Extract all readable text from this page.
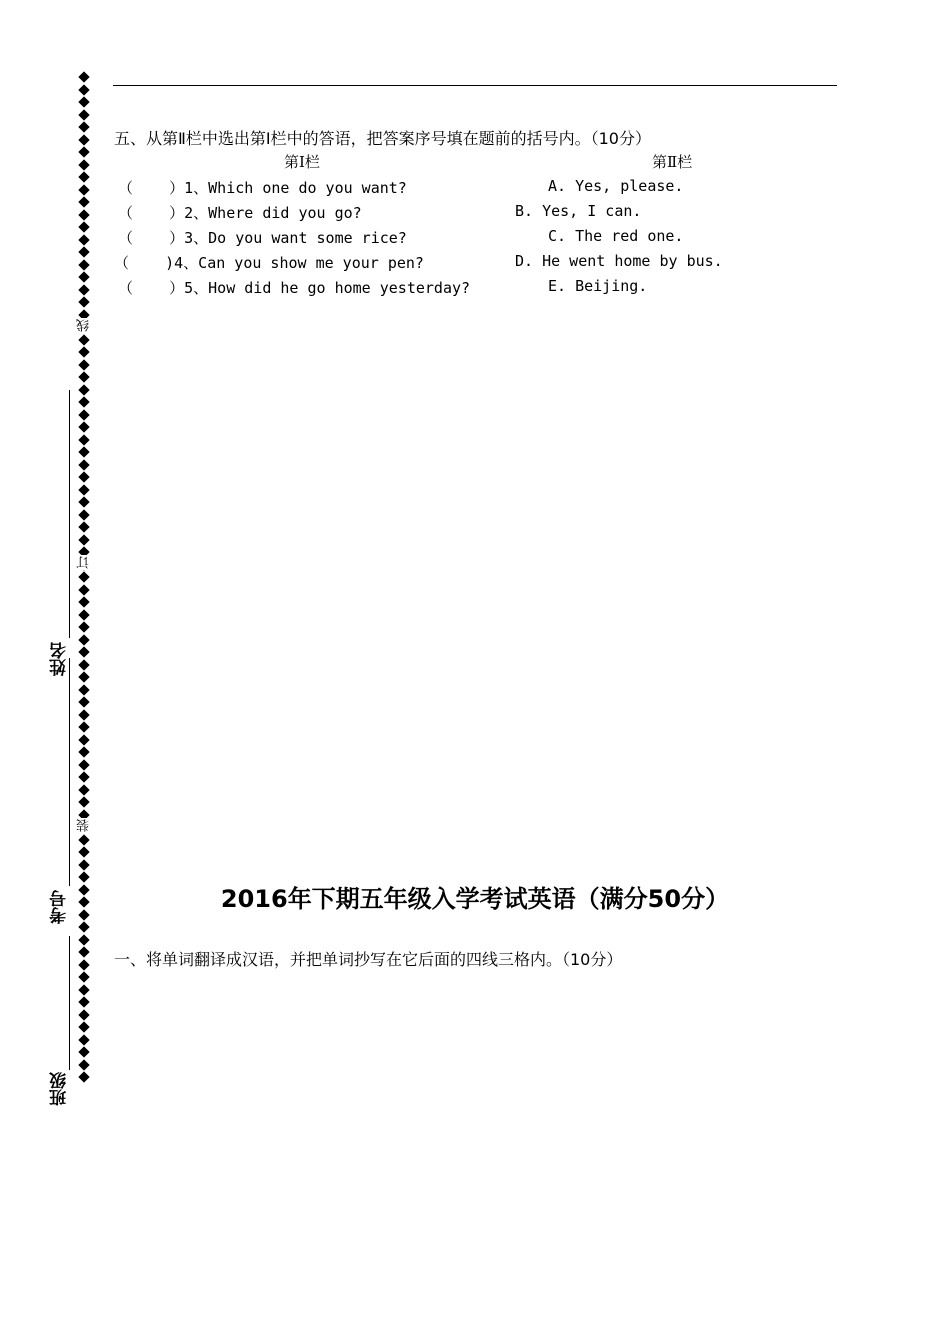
线
订
装
姓名
考号
班级
五、从第Ⅱ栏中选出第Ⅰ栏中的答语，把答案序号填在题前的括号内。（10分）
第Ⅰ栏	第Ⅱ栏
（    ）1、Which one do you want?
（    ）2、Where did you go?
（    ）3、Do you want some rice?
（    )4、Can you show me your pen?
（    ）5、How did he go home yesterday?
A. Yes, please.
B. Yes, I can.
C. The red one.
D. He went home by bus.
E. Beijing.
2016年下期五年级入学考试英语（满分50分）
一、将单词翻译成汉语，并把单词抄写在它后面的四线三格内。（10分）
